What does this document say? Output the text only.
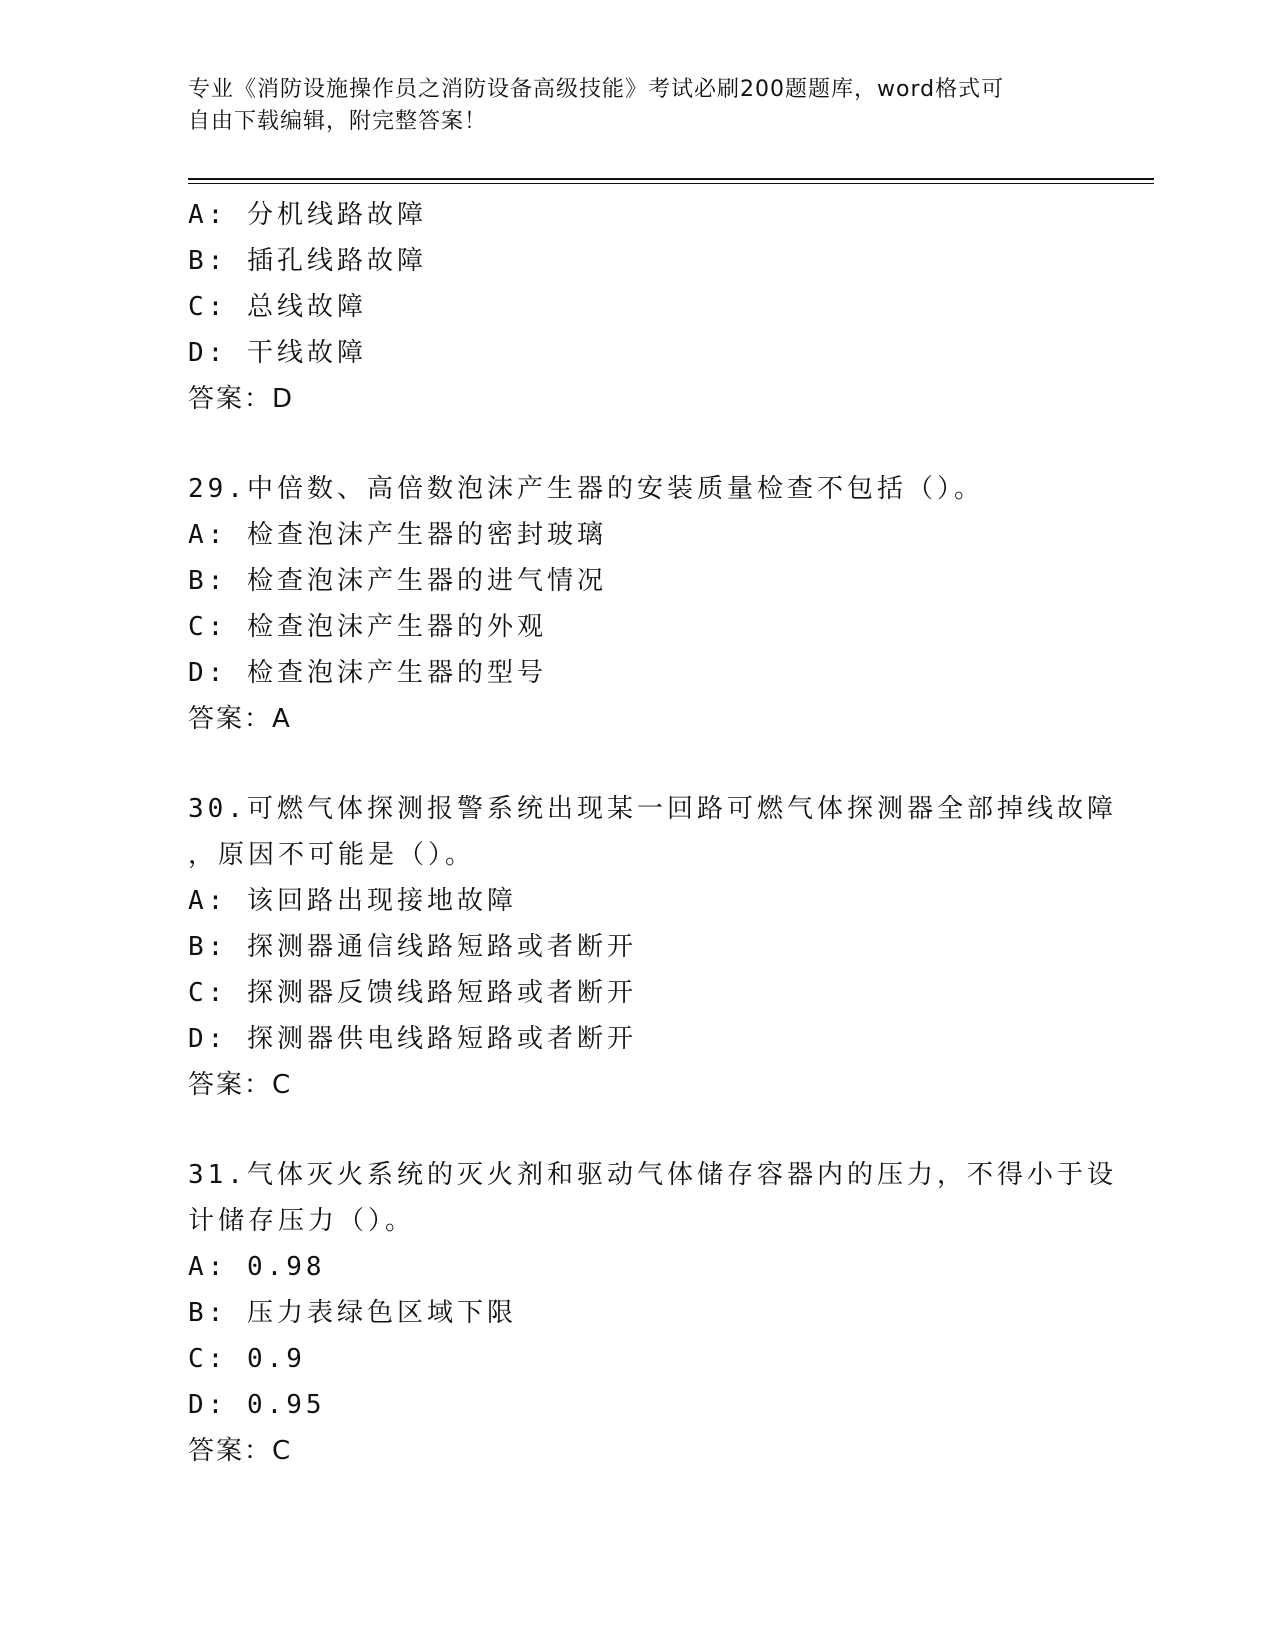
专业《消防设施操作员之消防设备高级技能》考试必刷200题题库，word格式可
自由下载编辑，附完整答案！
A: 分机线路故障
B: 插孔线路故障
C: 总线故障
D: 干线故障
答案：D
29.中倍数、高倍数泡沫产生器的安装质量检查不包括（）。
A: 检查泡沫产生器的密封玻璃
B: 检查泡沫产生器的进气情况
C: 检查泡沫产生器的外观
D: 检查泡沫产生器的型号
答案：A
30.可燃气体探测报警系统出现某一回路可燃气体探测器全部掉线故障
，原因不可能是（）。
A: 该回路出现接地故障
B: 探测器通信线路短路或者断开
C: 探测器反馈线路短路或者断开
D: 探测器供电线路短路或者断开
答案：C
31.气体灭火系统的灭火剂和驱动气体储存容器内的压力，不得小于设
计储存压力（）。
A: 0.98
B: 压力表绿色区域下限
C: 0.9
D: 0.95
答案：C
